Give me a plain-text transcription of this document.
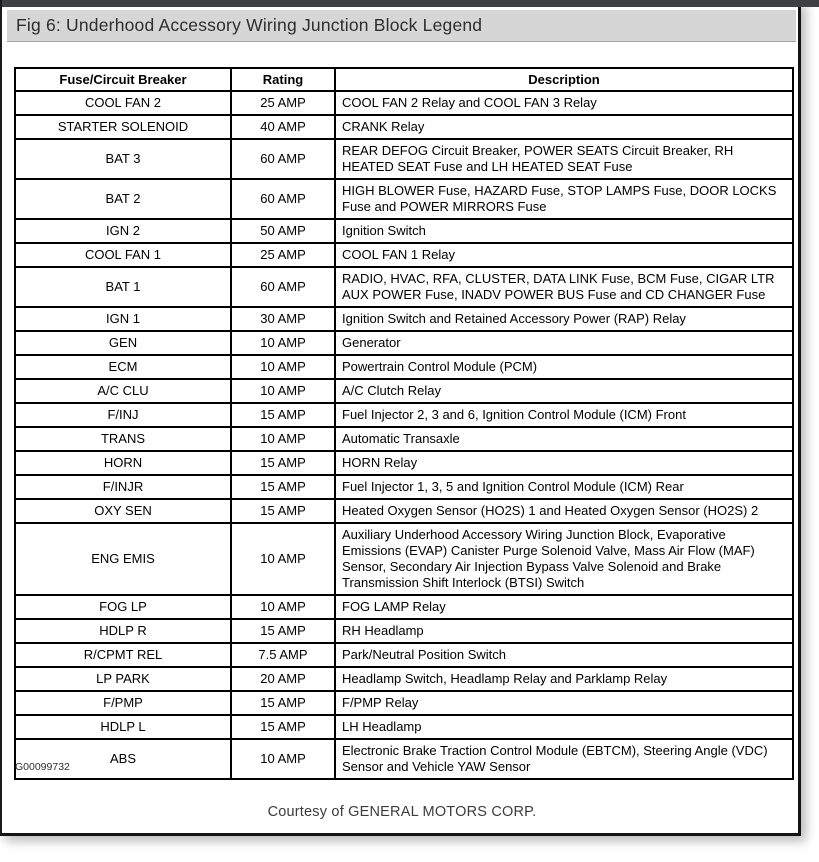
Fig 6: Underhood Accessory Wiring Junction Block Legend
Fuse/Circuit Breaker	Rating	Description
COOL FAN 2	25 AMP	COOL FAN 2 Relay and COOL FAN 3 Relay
STARTER SOLENOID	40 AMP	CRANK Relay
BAT 3	60 AMP	REAR DEFOG Circuit Breaker, POWER SEATS Circuit Breaker, RH HEATED SEAT Fuse and LH HEATED SEAT Fuse
BAT 2	60 AMP	HIGH BLOWER Fuse, HAZARD Fuse, STOP LAMPS Fuse, DOOR LOCKS Fuse and POWER MIRRORS Fuse
IGN 2	50 AMP	Ignition Switch
COOL FAN 1	25 AMP	COOL FAN 1 Relay
BAT 1	60 AMP	RADIO, HVAC, RFA, CLUSTER, DATA LINK Fuse, BCM Fuse, CIGAR LTR AUX POWER Fuse, INADV POWER BUS Fuse and CD CHANGER Fuse
IGN 1	30 AMP	Ignition Switch and Retained Accessory Power (RAP) Relay
GEN	10 AMP	Generator
ECM	10 AMP	Powertrain Control Module (PCM)
A/C CLU	10 AMP	A/C Clutch Relay
F/INJ	15 AMP	Fuel Injector 2, 3 and 6, Ignition Control Module (ICM) Front
TRANS	10 AMP	Automatic Transaxle
HORN	15 AMP	HORN Relay
F/INJR	15 AMP	Fuel Injector 1, 3, 5 and Ignition Control Module (ICM) Rear
OXY SEN	15 AMP	Heated Oxygen Sensor (HO2S) 1 and Heated Oxygen Sensor (HO2S) 2
ENG EMIS	10 AMP	Auxiliary Underhood Accessory Wiring Junction Block, Evaporative Emissions (EVAP) Canister Purge Solenoid Valve, Mass Air Flow (MAF) Sensor, Secondary Air Injection Bypass Valve Solenoid and Brake Transmission Shift Interlock (BTSI) Switch
FOG LP	10 AMP	FOG LAMP Relay
HDLP R	15 AMP	RH Headlamp
R/CPMT REL	7.5 AMP	Park/Neutral Position Switch
LP PARK	20 AMP	Headlamp Switch, Headlamp Relay and Parklamp Relay
F/PMP	15 AMP	F/PMP Relay
HDLP L	15 AMP	LH Headlamp
ABS	10 AMP	Electronic Brake Traction Control Module (EBTCM), Steering Angle (VDC) Sensor and Vehicle YAW Sensor
G00099732
Courtesy of GENERAL MOTORS CORP.
